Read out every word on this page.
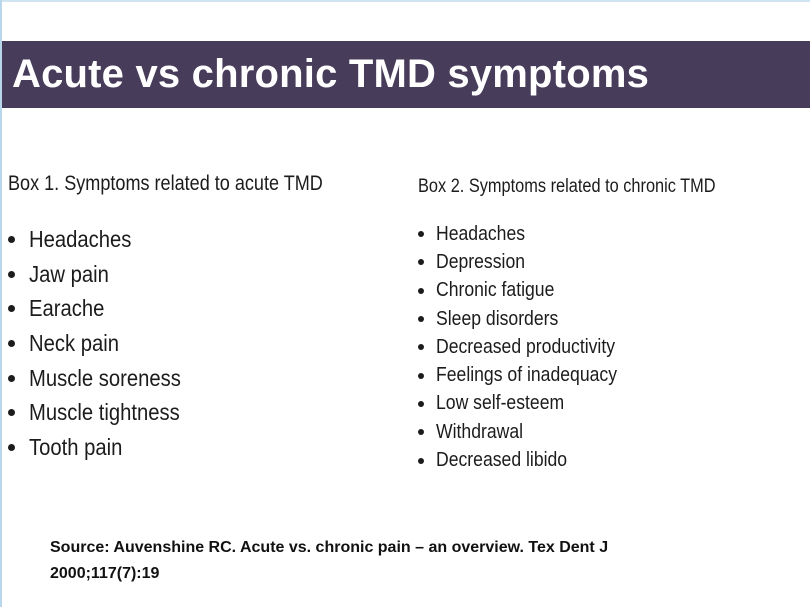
Acute vs chronic TMD symptoms
Box 1. Symptoms related to acute TMD
Headaches
Jaw pain
Earache
Neck pain
Muscle soreness
Muscle tightness
Tooth pain
Box 2. Symptoms related to chronic TMD
Headaches
Depression
Chronic fatigue
Sleep disorders
Decreased productivity
Feelings of inadequacy
Low self-esteem
Withdrawal
Decreased libido
Source: Auvenshine RC. Acute vs. chronic pain – an overview. Tex Dent J
2000;117(7):19
